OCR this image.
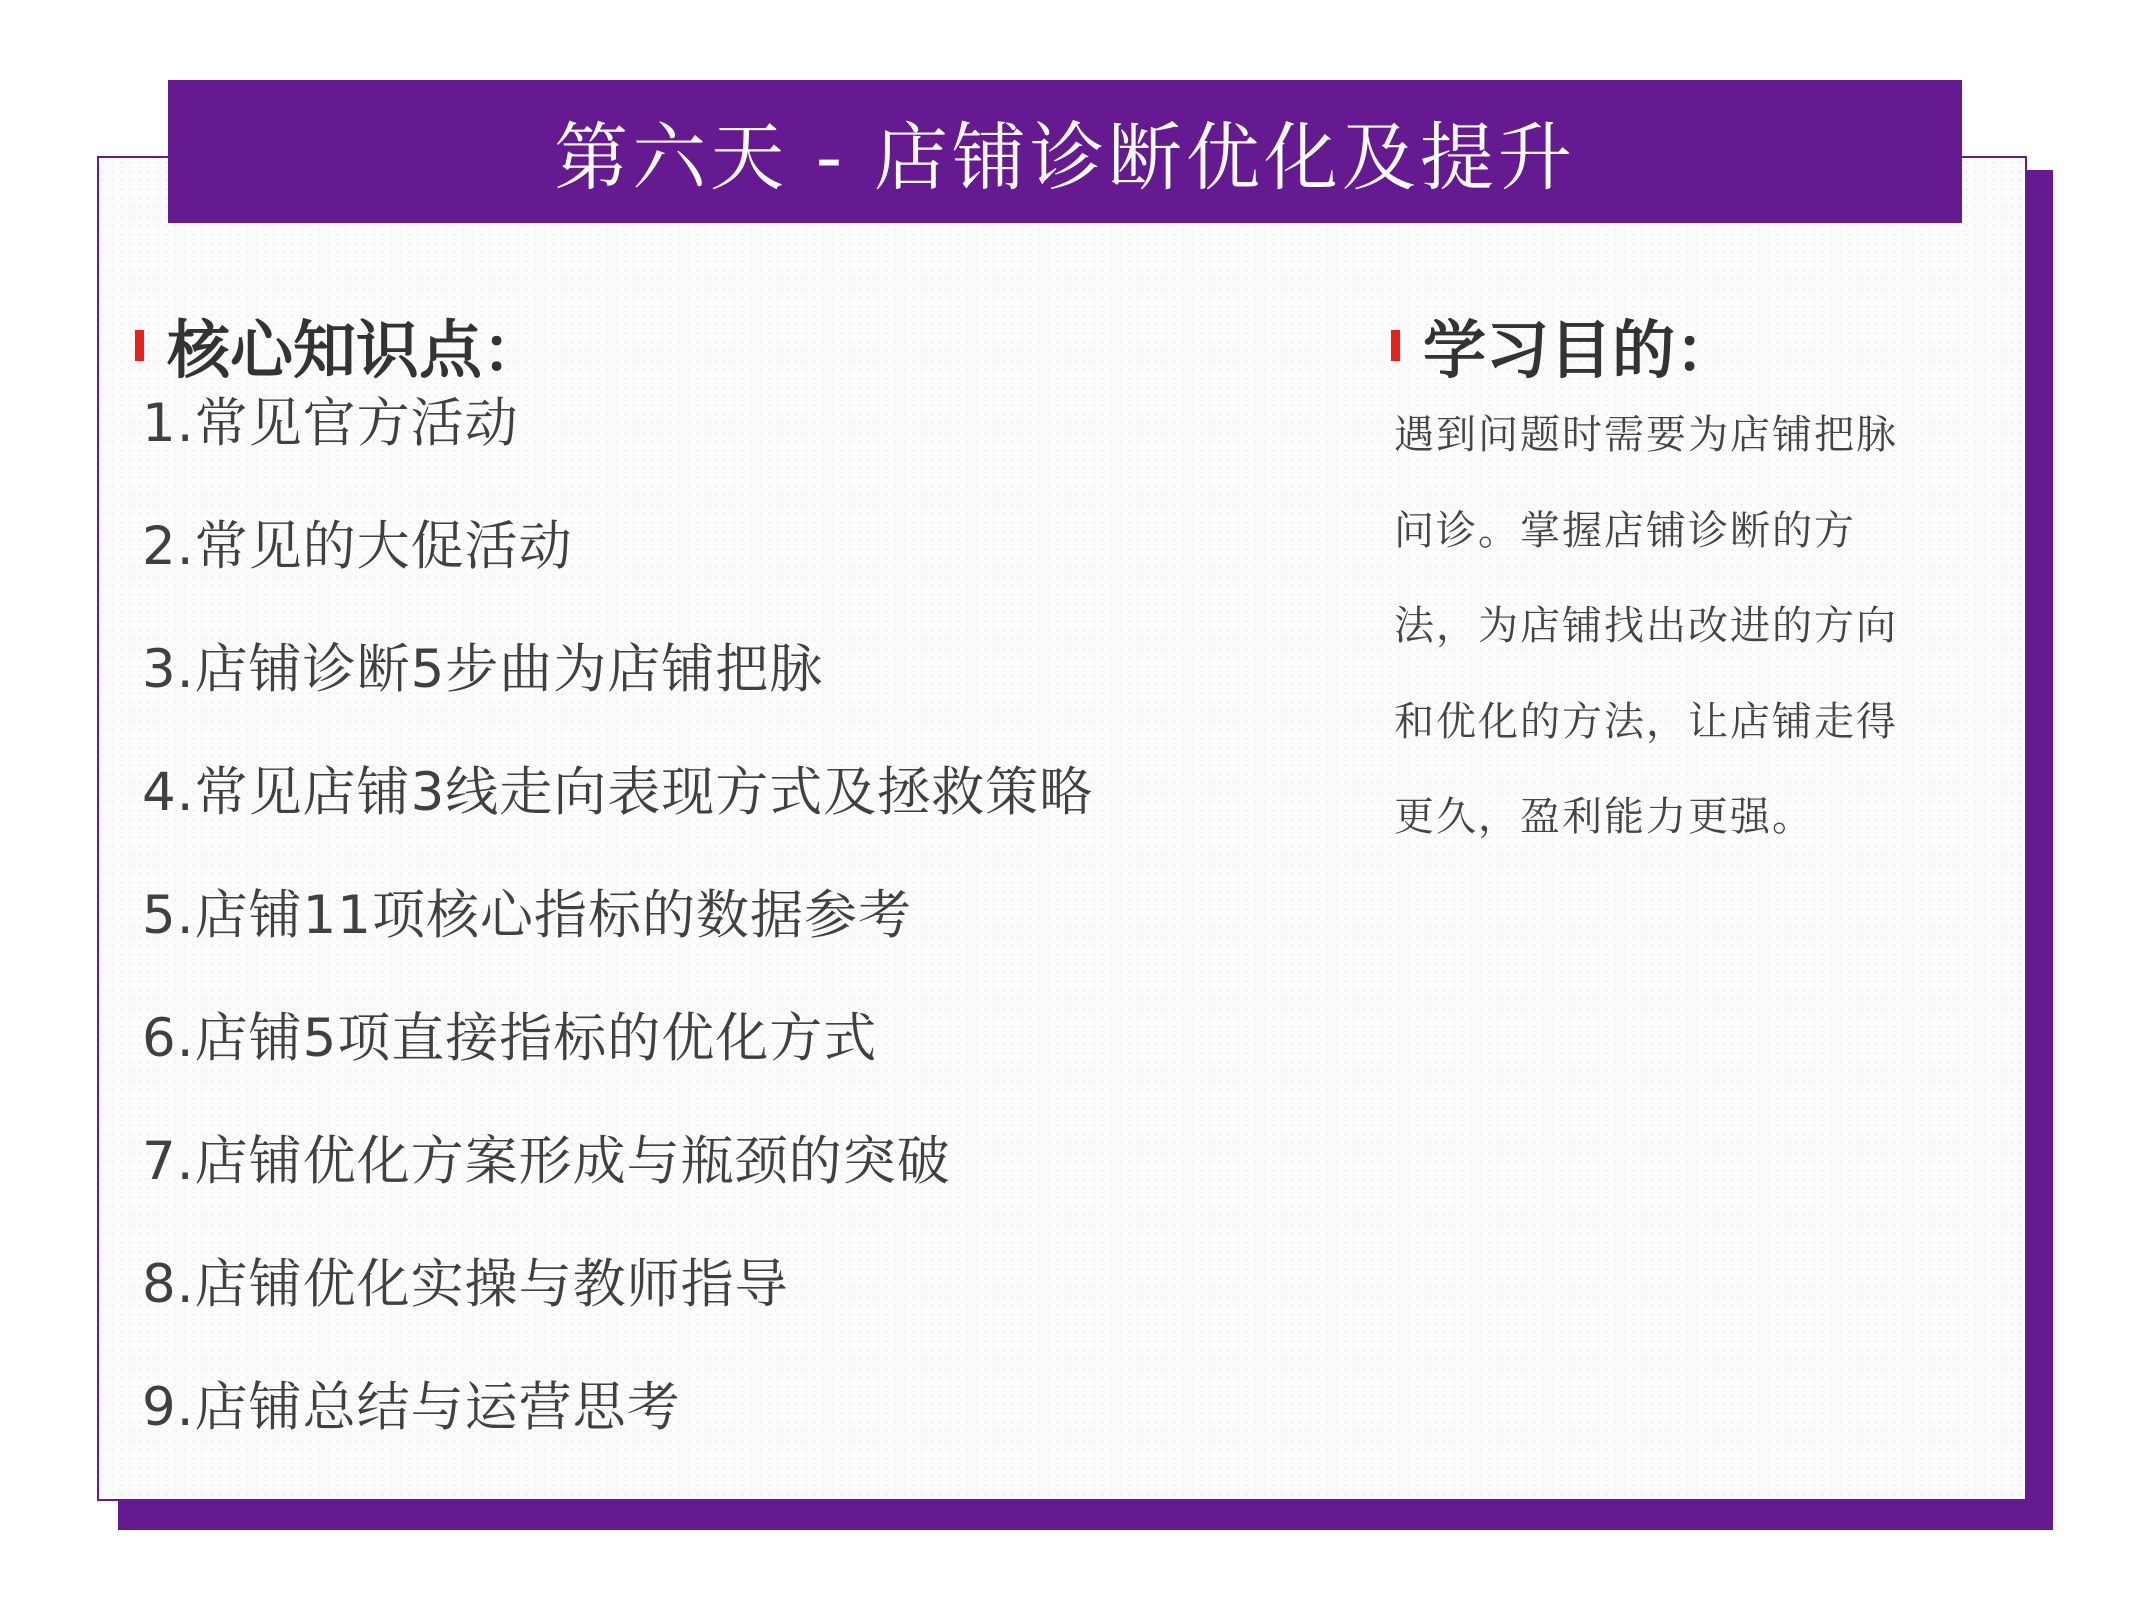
第六天 - 店铺诊断优化及提升
核心知识点：
1.常见官方活动
2.常见的大促活动
3.店铺诊断5步曲为店铺把脉
4.常见店铺3线走向表现方式及拯救策略
5.店铺11项核心指标的数据参考
6.店铺5项直接指标的优化方式
7.店铺优化方案形成与瓶颈的突破
8.店铺优化实操与教师指导
9.店铺总结与运营思考
学习目的：

遇到问题时需要为店铺把脉问诊。掌握店铺诊断的方法，为店铺找出改进的方向和优化的方法，让店铺走得更久，盈利能力更强。
